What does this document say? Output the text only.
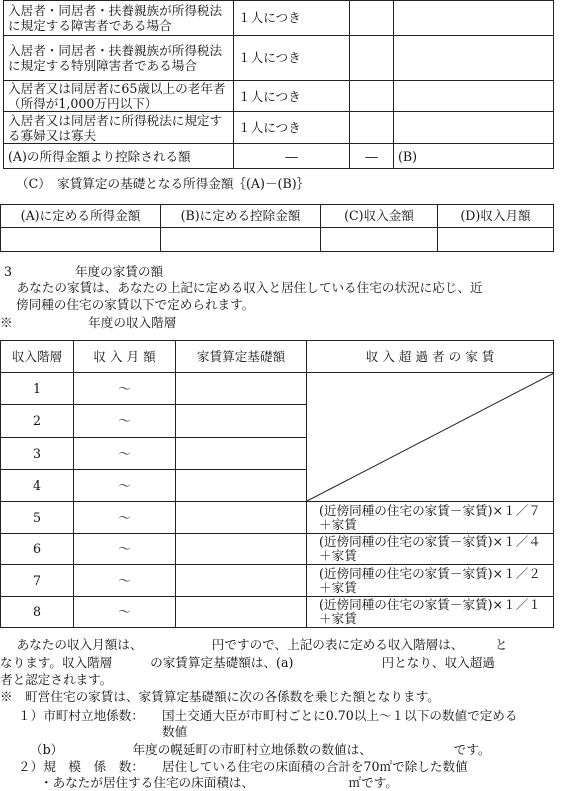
入居者・同居者・扶養親族が所得税法に規定する障害者である場合	１人につき		
入居者・同居者・扶養親族が所得税法に規定する特別障害者である場合	１人につき		
入居者又は同居者に65歳以上の老年者（所得が1,000万円以下）	１人につき		
入居者又は同居者に所得税法に規定する寡婦又は寡夫	１人につき		
(A)の所得金額より控除される額	―	―	(B)
（C）　家賃算定の基礎となる所得金額｛(A)－(B)｝
(A)に定める所得金額	(B)に定める控除金額	(C)収入金額	(D)収入月額

3　　　　　年度の家賃の額
　あなたの家賃は、あなたの上記に定める収入と居住している住宅の状況に応じ、近
傍同種の住宅の家賃以下で定められます。
※　　　　　　年度の収入階層
収入階層	収 入 月 額	家賃算定基礎額	収 入 超 過 者 の 家 賃
1	～		

2	～		
3	～		
4	～		
5	～		(近傍同種の住宅の家賃－家賃)×１／７＋家賃
6	～		(近傍同種の住宅の家賃－家賃)×１／４＋家賃
7	～		(近傍同種の住宅の家賃－家賃)×１／２＋家賃
8	～		(近傍同種の住宅の家賃－家賃)×１／１＋家賃
　あなたの収入月額は、　　　　　　円ですので、上記の表に定める収入階層は、　　　と
なります。収入階層　　　の家賃算定基礎額は、(a)　　　　　　　円となり、収入超過
者と認定されます。
※　町営住宅の家賃は、家賃算定基礎額に次の各係数を乗じた額となります。
１）市町村立地係数： 国土交通大臣が市町村ごとに0.70以上～１以下の数値で定める
数値
（b）　　　　　　年度の幌延町の市町村立地係数の数値は、　　　　　　　です。
２）規　模　係　数： 居住している住宅の床面積の合計を70㎡で除した数値
・あなたが居住する住宅の床面積は、　　　　　　　　㎡です。
